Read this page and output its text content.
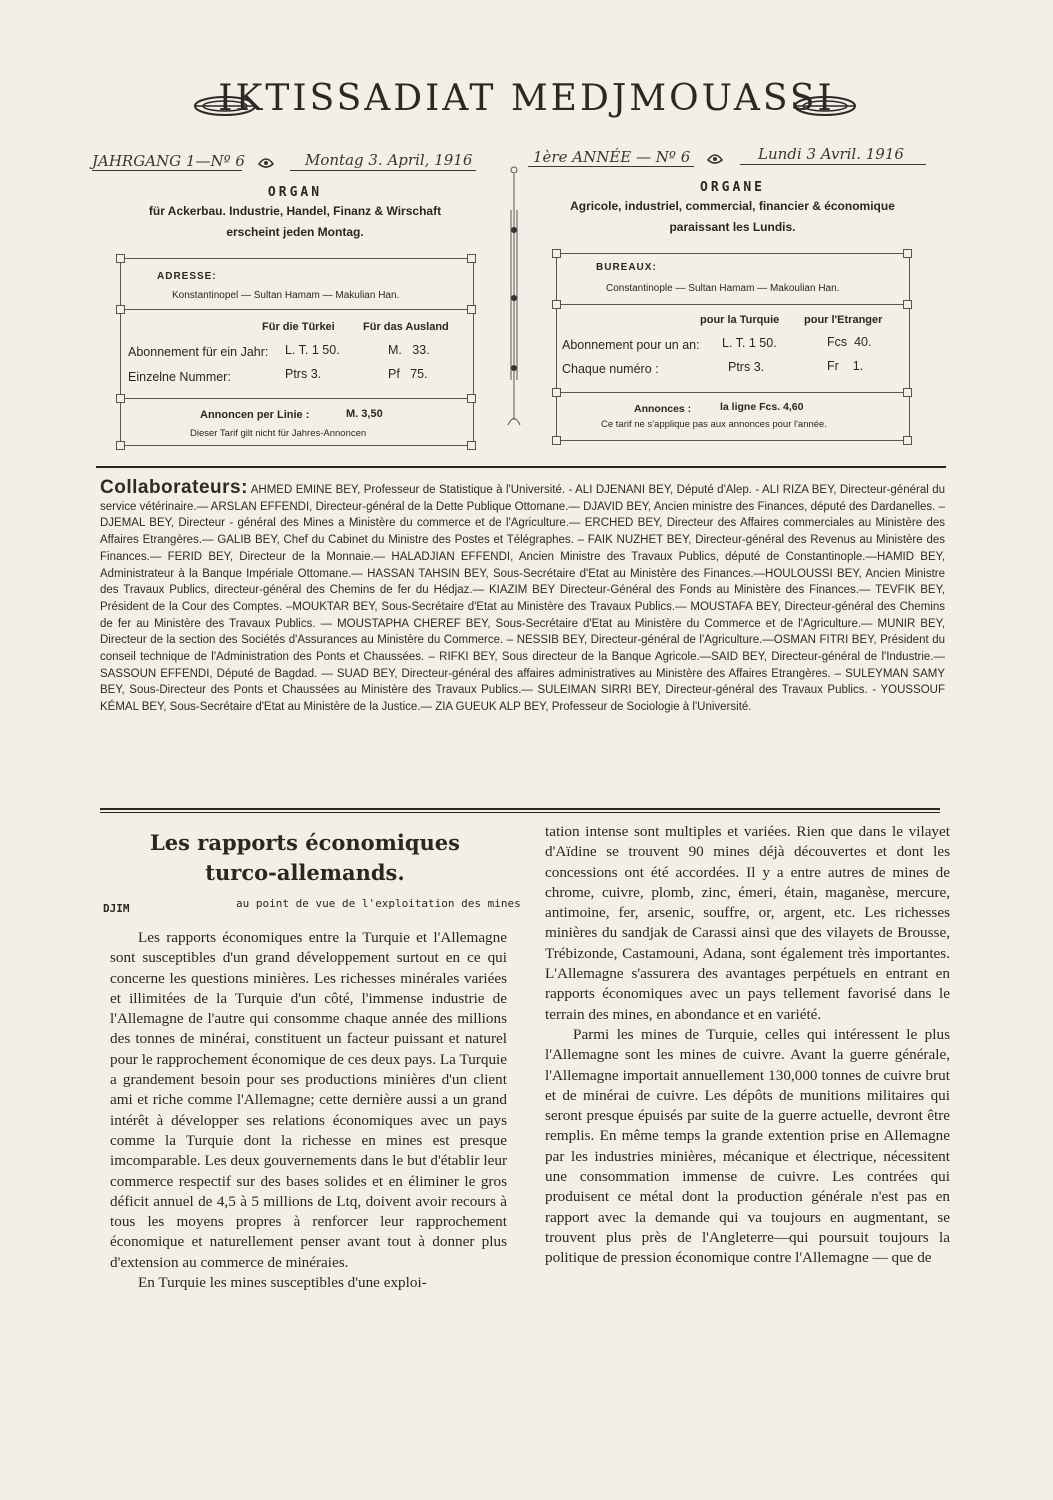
IKTISSADIAT MEDJMOUASSI
JAHRGANG 1—Nº 6	Montag 3. April, 1916	1ère ANNÉE — Nº 6	Lundi 3 Avril. 1916
ORGAN
für Ackerbau. Industrie, Handel, Finanz & Wirschaft
erscheint jeden Montag.
ADRESSE:
Konstantinopel — Sultan Hamam — Makulian Han.
Für die Türkei	Für das Ausland
Abonnement für ein Jahr: L. T. 1 50.	M.   33.
Einzelne Nummer:	Ptrs 3.	Pf   75.
Annoncen per Linie :	M. 3,50
Dieser Tarif gilt nicht für Jahres-Annoncen
ORGANE
Agricole, industriel, commercial, financier & économique
paraissant les Lundis.
BUREAUX:
Constantinople — Sultan Hamam — Makoulian Han.
pour la Turquie pour l'Etranger
Abonnement pour un an: L. T. 1 50.	Fcs  40.
Chaque numéro :	Ptrs 3.	Fr    1.
Annonces :	la ligne Fcs. 4,60
Ce tarif ne s'applique pas aux annonces pour l'année.
Collaborateurs: AHMED EMINE BEY, Professeur de Statistique à l'Université. - ALI DJENANI BEY, Député d'Alep. - ALI RIZA BEY, Directeur-général du service vétérinaire.— ARSLAN EFFENDI, Directeur-général de la Dette Publique Ottomane.— DJAVID BEY, Ancien ministre des Finances, député des Dardanelles. – DJEMAL BEY, Directeur - général des Mines a Ministère du commerce et de l'Agriculture.— ERCHED BEY, Directeur des Affaires commerciales au Ministère des Affaires Etrangères.— GALIB BEY, Chef du Cabinet du Ministre des Postes et Télégraphes. – FAIK NUZHET BEY, Directeur-général des Revenus au Ministère des Finances.— FERID BEY, Directeur de la Monnaie.— HALADJIAN EFFENDI, Ancien Ministre des Travaux Publics, député de Constantinople.—HAMID BEY, Administrateur à la Banque Impériale Ottomane.— HASSAN TAHSIN BEY, Sous-Secrétaire d'Etat au Ministère des Finances.—HOULOUSSI BEY, Ancien Ministre des Travaux Publics, directeur-général des Chemins de fer du Hédjaz.— KIAZIM BEY Directeur-Général des Fonds au Ministère des Finances.— TEVFIK BEY, Président de la Cour des Comptes. –MOUKTAR BEY, Sous-Secrétaire d'Etat au Ministère des Travaux Publics.— MOUSTAFA BEY, Directeur-général des Chemins de fer au Ministère des Travaux Publics. — MOUSTAPHA CHEREF BEY, Sous-Secrétaire d'Etat au Ministère du Commerce et de l'Agriculture.— MUNIR BEY, Directeur de la section des Sociétés d'Assurances au Ministère du Commerce. – NESSIB BEY, Directeur-général de l'Agriculture.—OSMAN FITRI BEY, Président du conseil technique de l'Administration des Ponts et Chaussées. – RIFKI BEY, Sous directeur de la Banque Agricole.—SAID BEY, Directeur-général de l'Industrie.— SASSOUN EFFENDI, Député de Bagdad. — SUAD BEY, Directeur-général des affaires administratives au Ministère des Affaires Etrangères. – SULEYMAN SAMY BEY, Sous-Directeur des Ponts et Chaussées au Ministère des Travaux Publics.— SULEIMAN SIRRI BEY, Directeur-général des Travaux Publics. - YOUSSOUF KÉMAL BEY, Sous-Secrétaire d'Etat au Ministère de la Justice.— ZIA GUEUK ALP BEY, Professeur de Sociologie à l'Université.
Les rapports économiques
turco-allemands.
DJIM	au point de vue de l'exploitation des mines

Les rapports économiques entre la Turquie et l'Allemagne sont susceptibles d'un grand développement surtout en ce qui concerne les questions minières. Les richesses minérales variées et illimitées de la Turquie d'un côté, l'immense industrie de l'Allemagne de l'autre qui consomme chaque année des millions des tonnes de minérai, constituent un facteur puissant et naturel pour le rapprochement économique de ces deux pays. La Turquie a grandement besoin pour ses productions minières d'un client ami et riche comme l'Allemagne; cette dernière aussi a un grand intérêt à développer ses relations économiques avec un pays comme la Turquie dont la richesse en mines est presque imcomparable. Les deux gouvernements dans le but d'établir leur commerce respectif sur des bases solides et en éliminer le gros déficit annuel de 4,5 à 5 millions de Ltq, doivent avoir recours à tous les moyens propres à renforcer leur rapprochement économique et naturellement penser avant tout à donner plus d'extension au commerce de minéraies.

En Turquie les mines susceptibles d'une exploi-

tation intense sont multiples et variées. Rien que dans le vilayet d'Aïdine se trouvent 90 mines déjà découvertes et dont les concessions ont été accordées. Il y a entre autres de mines de chrome, cuivre, plomb, zinc, émeri, étain, maganèse, mercure, antimoine, fer, arsenic, souffre, or, argent, etc. Les richesses minières du sandjak de Carassi ainsi que des vilayets de Brousse, Trébizonde, Castamouni, Adana, sont également très importantes. L'Allemagne s'assurera des avantages perpétuels en entrant en rapports économiques avec un pays tellement favorisé dans le terrain des mines, en abondance et en variété.

Parmi les mines de Turquie, celles qui intéressent le plus l'Allemagne sont les mines de cuivre. Avant la guerre générale, l'Allemagne importait annuellement 130,000 tonnes de cuivre brut et de minérai de cuivre. Les dépôts de munitions militaires qui seront presque épuisés par suite de la guerre actuelle, devront être remplis. En même temps la grande extention prise en Allemagne par les industries minières, mécanique et électrique, nécessitent une consommation immense de cuivre. Les contrées qui produisent ce métal dont la production générale n'est pas en rapport avec la demande qui va toujours en augmentant, se trouvent plus près de l'Angleterre—qui poursuit toujours la politique de pression économique contre l'Allemagne — que de
